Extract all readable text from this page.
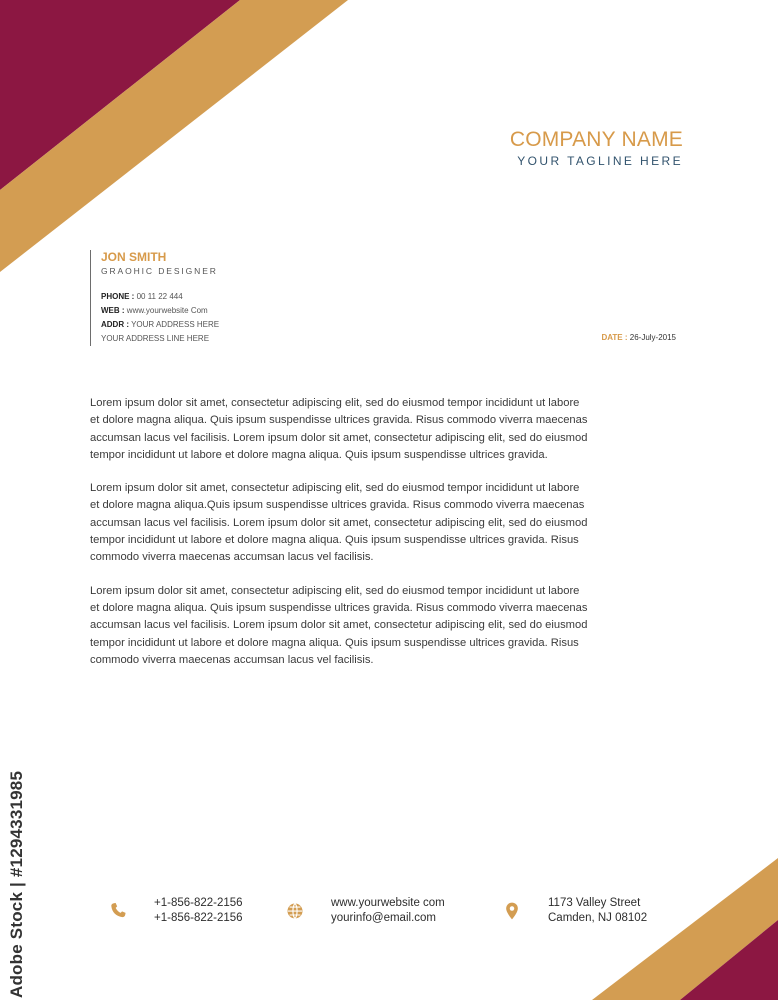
COMPANY NAME
YOUR TAGLINE HERE
JON SMITH
GRAOHIC DESIGNER
PHONE : 00 11 22 444
WEB : www.yourwebsite Com
ADDR : YOUR ADDRESS HERE
YOUR ADDRESS LINE HERE	DATE : 26-July-2015

Lorem ipsum dolor sit amet, consectetur adipiscing elit, sed do eiusmod tempor incididunt ut labore
et dolore magna aliqua. Quis ipsum suspendisse ultrices gravida. Risus commodo viverra maecenas
accumsan lacus vel facilisis. Lorem ipsum dolor sit amet, consectetur adipiscing elit, sed do eiusmod
tempor incididunt ut labore et dolore magna aliqua. Quis ipsum suspendisse ultrices gravida.

Lorem ipsum dolor sit amet, consectetur adipiscing elit, sed do eiusmod tempor incididunt ut labore
et dolore magna aliqua.Quis ipsum suspendisse ultrices gravida. Risus commodo viverra maecenas
accumsan lacus vel facilisis. Lorem ipsum dolor sit amet, consectetur adipiscing elit, sed do eiusmod
tempor incididunt ut labore et dolore magna aliqua. Quis ipsum suspendisse ultrices gravida. Risus
commodo viverra maecenas accumsan lacus vel facilisis.

Lorem ipsum dolor sit amet, consectetur adipiscing elit, sed do eiusmod tempor incididunt ut labore
et dolore magna aliqua. Quis ipsum suspendisse ultrices gravida. Risus commodo viverra maecenas
accumsan lacus vel facilisis. Lorem ipsum dolor sit amet, consectetur adipiscing elit, sed do eiusmod
tempor incididunt ut labore et dolore magna aliqua. Quis ipsum suspendisse ultrices gravida. Risus
commodo viverra maecenas accumsan lacus vel facilisis.

+1-856-822-2156
+1-856-822-2156
www.yourwebsite com
yourinfo@email.com
1173 Valley Street
Camden, NJ 08102
Adobe Stock | #1294331985
